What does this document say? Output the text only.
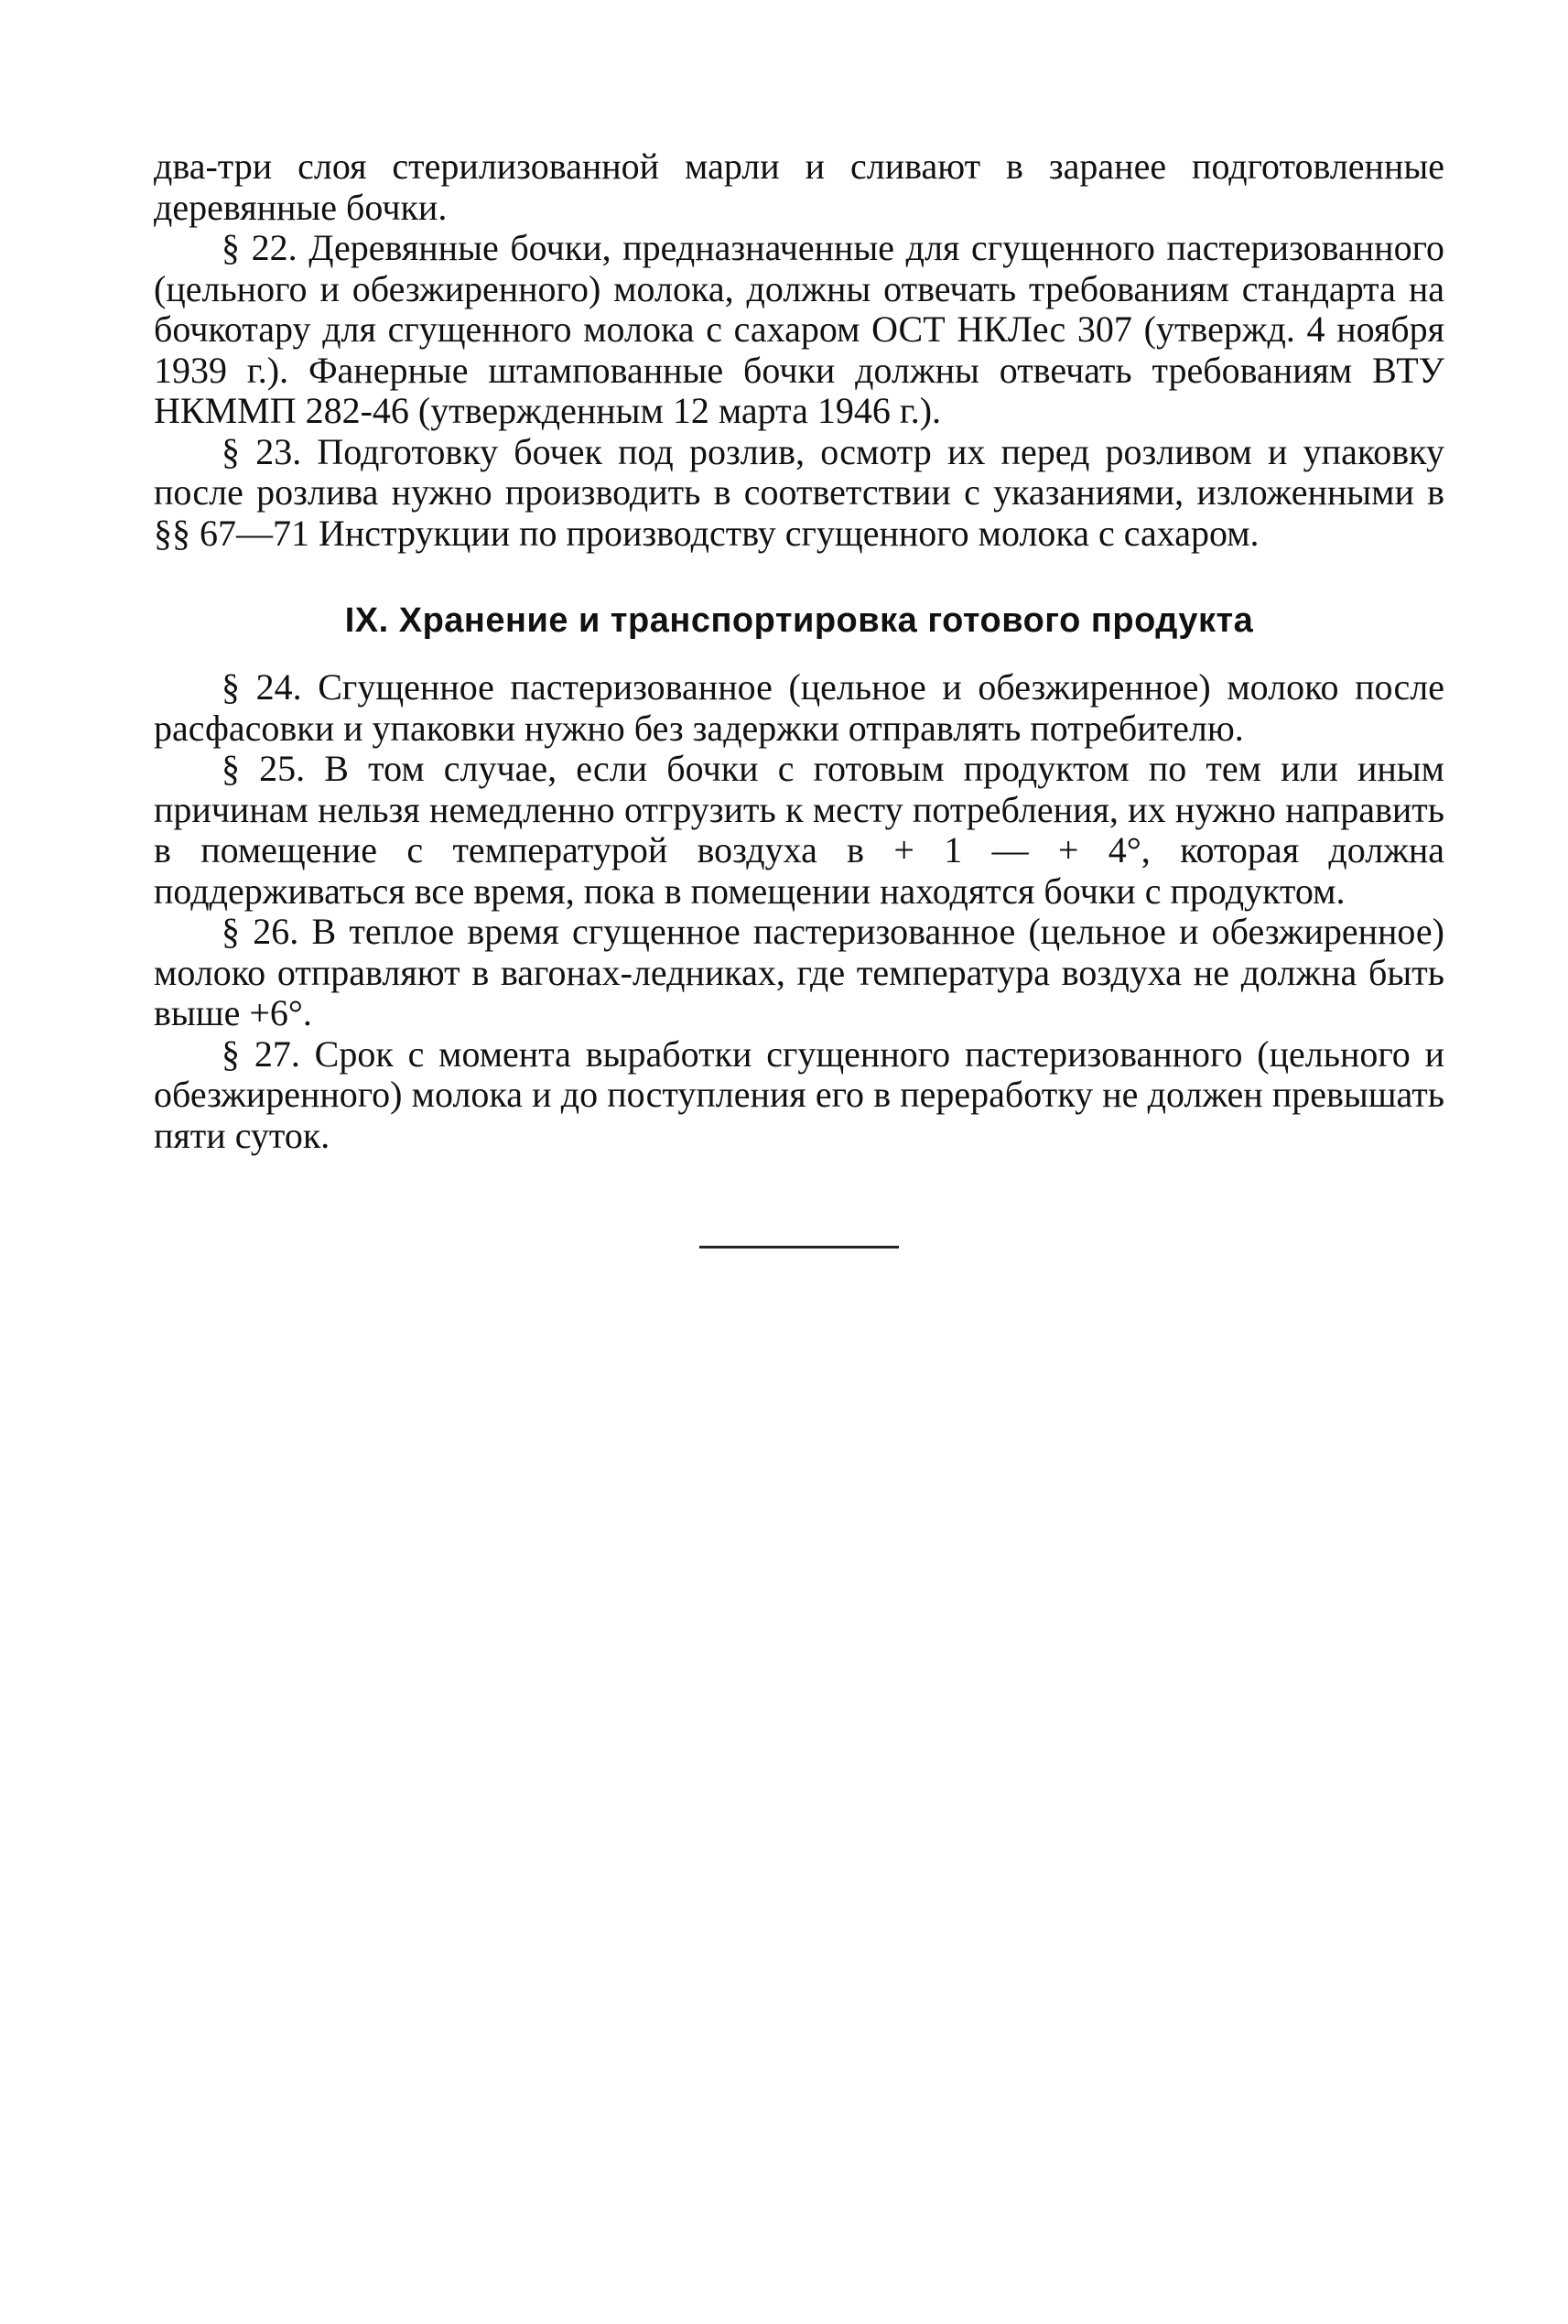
два-три слоя стерилизованной марли и сливают в заранее подготовленные деревянные бочки.

§ 22. Деревянные бочки, предназначенные для сгущенного пастеризованного (цельного и обезжиренного) молока, должны отвечать требованиям стандарта на бочкотару для сгущенного молока с сахаром ОСТ НКЛес 307 (утвержд. 4 ноября 1939 г.). Фанерные штампованные бочки должны отвечать требованиям ВТУ НКММП 282-46 (утвержденным 12 марта 1946 г.).

§ 23. Подготовку бочек под розлив, осмотр их перед розливом и упаковку после розлива нужно производить в соответствии с указаниями, изложенными в §§ 67—71 Инструкции по производству сгущенного молока с сахаром.

IX. Хранение и транспортировка готового продукта

§ 24. Сгущенное пастеризованное (цельное и обезжиренное) молоко после расфасовки и упаковки нужно без задержки отправлять потребителю.

§ 25. В том случае, если бочки с готовым продуктом по тем или иным причинам нельзя немедленно отгрузить к месту потребления, их нужно направить в помещение с температурой воздуха в + 1 — + 4°, которая должна поддерживаться все время, пока в помещении находятся бочки с продуктом.

§ 26. В теплое время сгущенное пастеризованное (цельное и обезжиренное) молоко отправляют в вагонах-ледниках, где температура воздуха не должна быть выше +6°.

§ 27. Срок с момента выработки сгущенного пастеризованного (цельного и обезжиренного) молока и до поступления его в переработку не должен превышать пяти суток.
